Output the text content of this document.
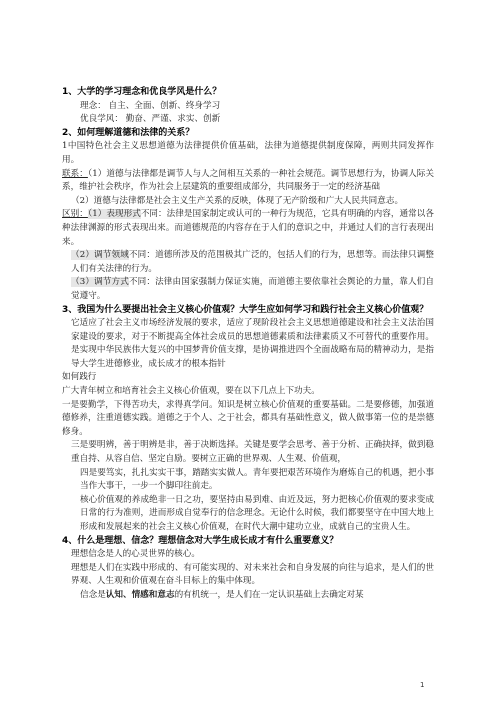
1、大学的学习理念和优良学风是什么？

理念： 自主、全面、创新、终身学习

优良学风： 勤奋、严谨、求实、创新

2、如何理解道德和法律的关系？

1中国特色社会主义思想道德为法律提供价值基础，法律为道德提供制度保障，两则共同发挥作用。

联系：（1）道德与法律都是调节人与人之间相互关系的一种社会规范。调节思想行为，协调人际关系，维护社会秩序，作为社会上层建筑的重要组成部分，共同服务于一定的经济基础

（2）道德与法律都是社会主义生产关系的反映，体现了无产阶级和广大人民共同意志。

区别：（1）表现形式不同：法律是国家制定或认可的一种行为规范，它具有明确的内容，通常以各种法律渊源的形式表现出来。而道德规范的内容存在于人们的意识之中，并通过人们的言行表现出来。

（2）调节领域不同：道德所涉及的范围极其广泛的，包括人们的行为，思想等。而法律只调整人们有关法律的行为。

（3）调节方式不同：法律由国家强制力保证实施，而道德主要依靠社会舆论的力量，靠人们自觉遵守。

3、我国为什么要提出社会主义核心价值观？大学生应如何学习和践行社会主义核心价值观？

它适应了社会主义市场经济发展的要求，适应了现阶段社会主义思想道德建设和社会主义法治国家建设的要求，对于不断提高全体社会成员的思想道德素质和法律素质又不可替代的重要作用。是实现中华民族伟大复兴的中国梦背价值支撑，是协调推进四个全面战略布局的精神动力，是指导大学生进德修业，成长成才的根本指针

如何践行

广大青年树立和培育社会主义核心价值观，要在以下几点上下功夫。

一是要勤学，下得苦功夫，求得真学问。知识是树立核心价值观的重要基础。二是要修德，加强道德修养，注重道德实践。道德之于个人、之于社会，都具有基础性意义，做人做事第一位的是崇德修身。

三是要明辨，善于明辨是非，善于决断选择。关键是要学会思考、善于分析、正确抉择，做到稳重自持、从容自信、坚定自励。要树立正确的世界观、人生观、价值观，

四是要笃实，扎扎实实干事，踏踏实实做人。青年要把艰苦环境作为磨炼自己的机遇，把小事当作大事干，一步一个脚印往前走。

核心价值观的养成绝非一日之功，要坚持由易到难、由近及远，努力把核心价值观的要求变成日常的行为准则，进而形成自觉奉行的信念理念。无论什么时候，我们都要坚守在中国大地上形成和发展起来的社会主义核心价值观，在时代大潮中建功立业，成就自己的宝贵人生。

4、什么是理想、信念？理想信念对大学生成长成才有什么重要意义？

理想信念是人的心灵世界的核心。

理想是人们在实践中形成的、有可能实现的、对未来社会和自身发展的向往与追求，是人们的世界观、人生观和价值观在奋斗目标上的集中体现。

信念是认知、情感和意志的有机统一，是人们在一定认识基础上去确定对某

1
